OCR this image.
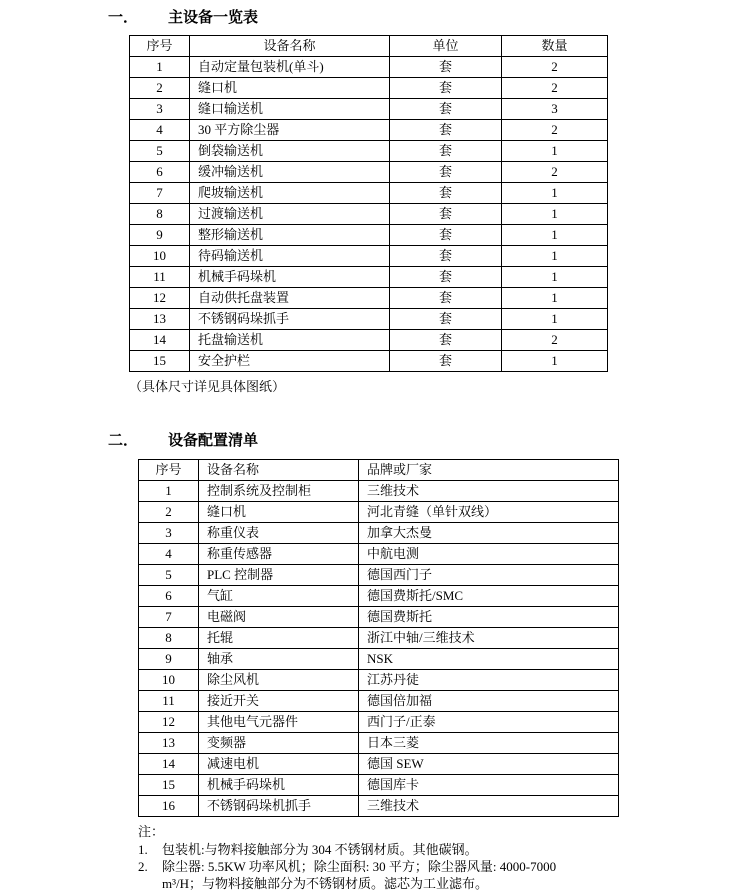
一．	主设备一览表
序号	设备名称	单位	数量
1	自动定量包装机(单斗)	套	2
2	缝口机	套	2
3	缝口输送机	套	3
4	30 平方除尘器	套	2
5	倒袋输送机	套	1
6	缓冲输送机	套	2
7	爬坡输送机	套	1
8	过渡输送机	套	1
9	整形输送机	套	1
10	待码输送机	套	1
11	机械手码垛机	套	1
12	自动供托盘装置	套	1
13	不锈钢码垛抓手	套	1
14	托盘输送机	套	2
15	安全护栏	套	1
（具体尺寸详见具体图纸）
二．	设备配置清单
序号	设备名称	品牌或厂家
1	控制系统及控制柜	三维技术
2	缝口机	河北青缝（单针双线）
3	称重仪表	加拿大杰曼
4	称重传感器	中航电测
5	PLC 控制器	德国西门子
6	气缸	德国费斯托/SMC
7	电磁阀	德国费斯托
8	托辊	浙江中轴/三维技术
9	轴承	NSK
10	除尘风机	江苏丹徒
11	接近开关	德国倍加福
12	其他电气元器件	西门子/正泰
13	变频器	日本三菱
14	减速电机	德国 SEW
15	机械手码垛机	德国库卡
16	不锈钢码垛机抓手	三维技术
注：
1.	包装机:与物料接触部分为 304 不锈钢材质。其他碳钢。
2.	除尘器: 5.5KW 功率风机；除尘面积: 30 平方；除尘器风量: 4000-7000
m³/H；与物料接触部分为不锈钢材质。滤芯为工业滤布。
